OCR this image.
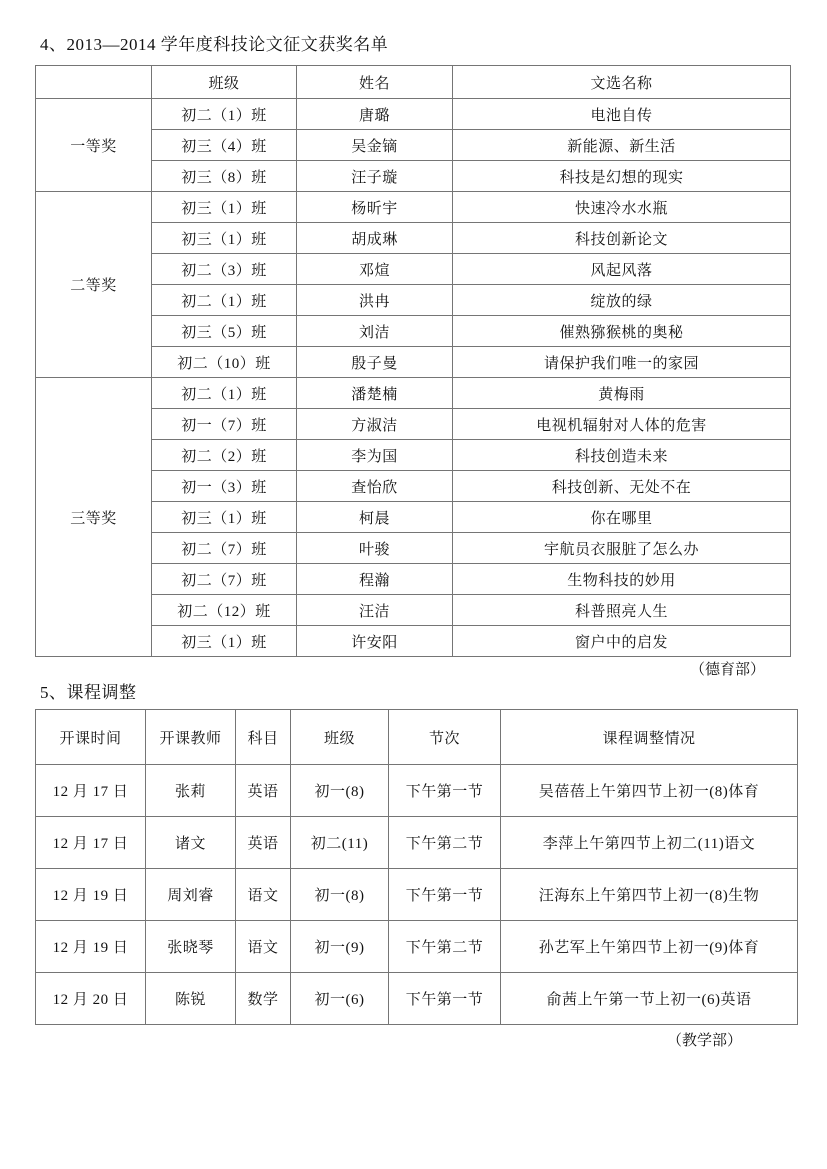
4、2013—2014 学年度科技论文征文获奖名单
	班级	姓名	文选名称
一等奖	初二（1）班	唐璐	电池自传
	初三（4）班	吴金镝	新能源、新生活
	初三（8）班	汪子璇	科技是幻想的现实
二等奖	初三（1）班	杨昕宇	快速冷水水瓶
	初三（1）班	胡成琳	科技创新论文
	初二（3）班	邓煊	风起风落
	初二（1）班	洪冉	绽放的绿
	初三（5）班	刘洁	催熟猕猴桃的奥秘
	初二（10）班	殷子曼	请保护我们唯一的家园
三等奖	初二（1）班	潘楚楠	黄梅雨
	初一（7）班	方淑洁	电视机辐射对人体的危害
	初二（2）班	李为国	科技创造未来
	初一（3）班	查怡欣	科技创新、无处不在
	初三（1）班	柯晨	你在哪里
	初二（7）班	叶骏	宇航员衣服脏了怎么办
	初二（7）班	程瀚	生物科技的妙用
	初二（12）班	汪洁	科普照亮人生
	初三（1）班	许安阳	窗户中的启发
（德育部）
5、课程调整
开课时间	开课教师	科目	班级	节次	课程调整情况
12 月 17 日	张莉	英语	初一(8)	下午第一节	吴蓓蓓上午第四节上初一(8)体育
12 月 17 日	诸文	英语	初二(11)	下午第二节	李萍上午第四节上初二(11)语文
12 月 19 日	周刘睿	语文	初一(8)	下午第一节	汪海东上午第四节上初一(8)生物
12 月 19 日	张晓琴	语文	初一(9)	下午第二节	孙艺军上午第四节上初一(9)体育
12 月 20 日	陈锐	数学	初一(6)	下午第一节	俞茜上午第一节上初一(6)英语
（教学部）
